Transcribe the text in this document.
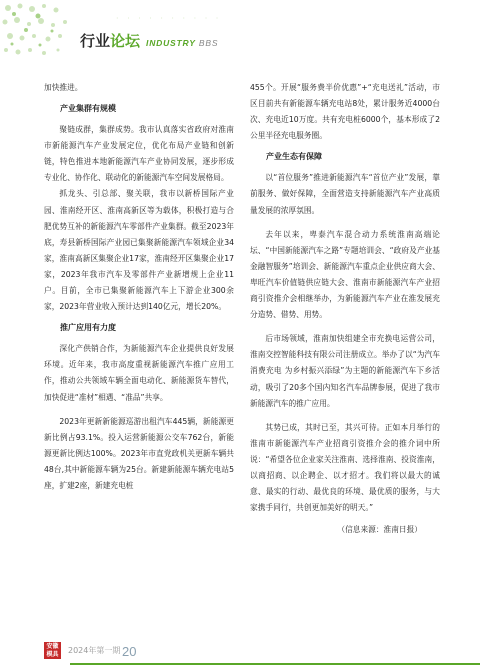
· · · · · · · · · ·
行业 论坛 INDUSTRY BBS

加快推进。

产业集群有规模

聚链成群，集群成势。我市认真落实省政府对淮南市新能源汽车产业发展定位，优化布局产业链和创新链，特色推进本地新能源汽车产业协同发展，逐步形成专业化、协作化、联动化的新能源汽车空间发展格局。

抓龙头、引总部、聚关联，我市以新桥国际产业园、淮南经开区、淮南高新区等为载体，积极打造与合肥优势互补的新能源汽车零部件产业集群。截至2023年底，寿县新桥国际产业园已集聚新能源汽车领域企业34家，淮南高新区集聚企业17家，淮南经开区集聚企业17家，2023年我市汽车及零部件产业新增规上企业11户。目前，全市已集聚新能源汽车上下游企业300余家，2023年营业收入预计达到140亿元，增长20%。

推广应用有力度

深化产供销合作，为新能源汽车企业提供良好发展环境。近年来，我市高度重视新能源汽车推广应用工作，推动公共领域车辆全面电动化、新能源货车替代，加快促进“准材”相遇、“准品”共享。

2023年更新新能源巡游出租汽车445辆，新能源更新比例占93.1%。投入运营新能源公交车762台，新能源更新比例达100%。2023年市直党政机关更新车辆共48台,其中新能源车辆为25台。新建新能源车辆充电站5座，扩建2座，新建充电桩

455个。开展“服务费半价优惠”+“充电送礼”活动，市区目前共有新能源车辆充电站8处，累计服务近4000台次、充电近10万度。共有充电桩6000个，基本形成了2公里半径充电服务圈。

产业生态有保障

以“首位服务”推进新能源汽车“首位产业”发展，靠前服务、做好保障，全面营造支持新能源汽车产业高质量发展的浓厚氛围。

去年以来，卑泰汽车混合动力系统淮南高端论坛、“中国新能源汽车之路”专题培训会、“政府及产业基金融智服务”培训会、新能源汽车重点企业供应商大会、卑旺汽车价值链供应链大会、淮南市新能源汽车产业招商引资推介会相继举办，为新能源汽车产业在淮发展充分造势、借势、用势。

后市场领域，淮南加快组建全市充换电运营公司，淮南交控智能科技有限公司注册成立。举办了以“为汽车消费充电 为乡村振兴添绿”为主题的新能源汽车下乡活动，吸引了20多个国内知名汽车品牌参展，促进了我市新能源汽车的推广应用。

其势已成，其时已至，其兴可待。正如本月举行的淮南市新能源汽车产业招商引资推介会的推介词中所说：“希望各位企业家关注淮南、选择淮南、投资淮南，以商招商、以企聘企、以才招才。我们将以最大的诚意、最实的行动、最优良的环境、最优质的服务，与大家携手同行，共创更加美好的明天。”

（信息来源：淮南日报）

安徽
模具	2024年第一期 20
